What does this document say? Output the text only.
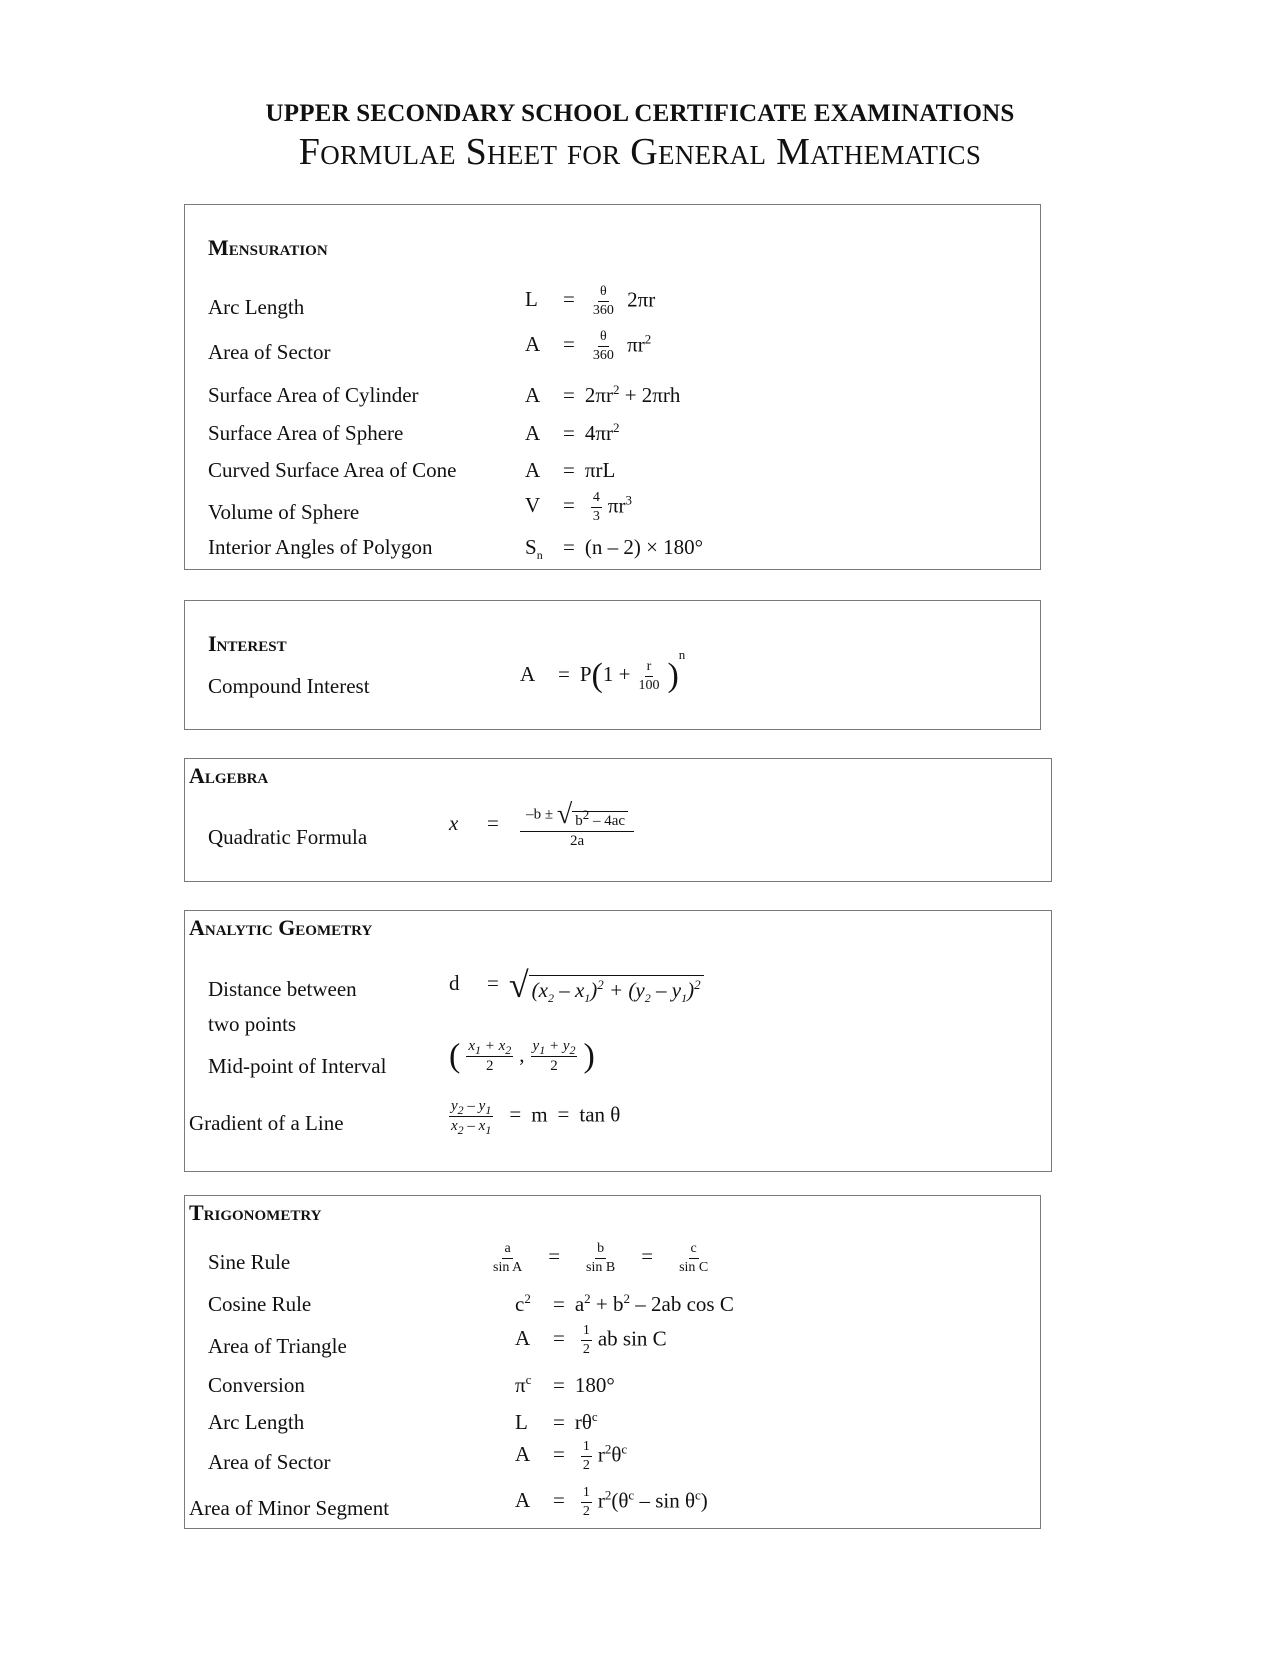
UPPER SECONDARY SCHOOL CERTIFICATE EXAMINATIONS
Formulae Sheet for General Mathematics
Mensuration
Arc Length	$L = \frac{\theta}{360} 2\pi r$
Area of Sector	$A = \frac{\theta}{360} \pi r^2$
Surface Area of Cylinder	$A = 2\pi r^2 + 2\pi rh$
Surface Area of Sphere	$A = 4\pi r^2$
Curved Surface Area of Cone	A = πrL
Volume of Sphere	$V = \frac{4}{3} \pi r^3$
Interior Angles of Polygon	$S_n = (n - 2) \times 180^\circ$
Interest
Compound Interest
$A = P(1 + \frac{r}{100} )^n$
Algebra
Quadratic Formula
$x = \frac{-b \pm √ b^2 - 4ac}{2a}$
Analytic Geometry
Distance between
two points
d = √ $(x_2 - x_1)^2 + (y_2 - y_1)^2$
Mid-point of Interval ( $\frac{x_1 + x_2}{2}$ , $\frac{y_1 + y_2}{2}$ )
Gradient of a Line	$\frac{y_2 - y_1}{x_2 - x_1} = m = \tan \theta$
Trigonometry
Sine Rule	$\frac{a}{\text{sin A}} = \frac{b}{\text{sin B}} = \frac{c}{\text{sin C}}$
Cosine Rule	$c^2 = a^2 + b^2 - 2ab$ cos C
Area of Triangle	$A = \frac{1}{2}$ ab sin C
Conversion	$\pi^c = 180^\circ$
Arc Length	$L = r\theta^c$
Area of Sector	$A = \frac{1}{2} r^2\theta^c$
Area of Minor Segment	$A = \frac{1}{2} r^2(\theta^c - \sin \theta^c)$
